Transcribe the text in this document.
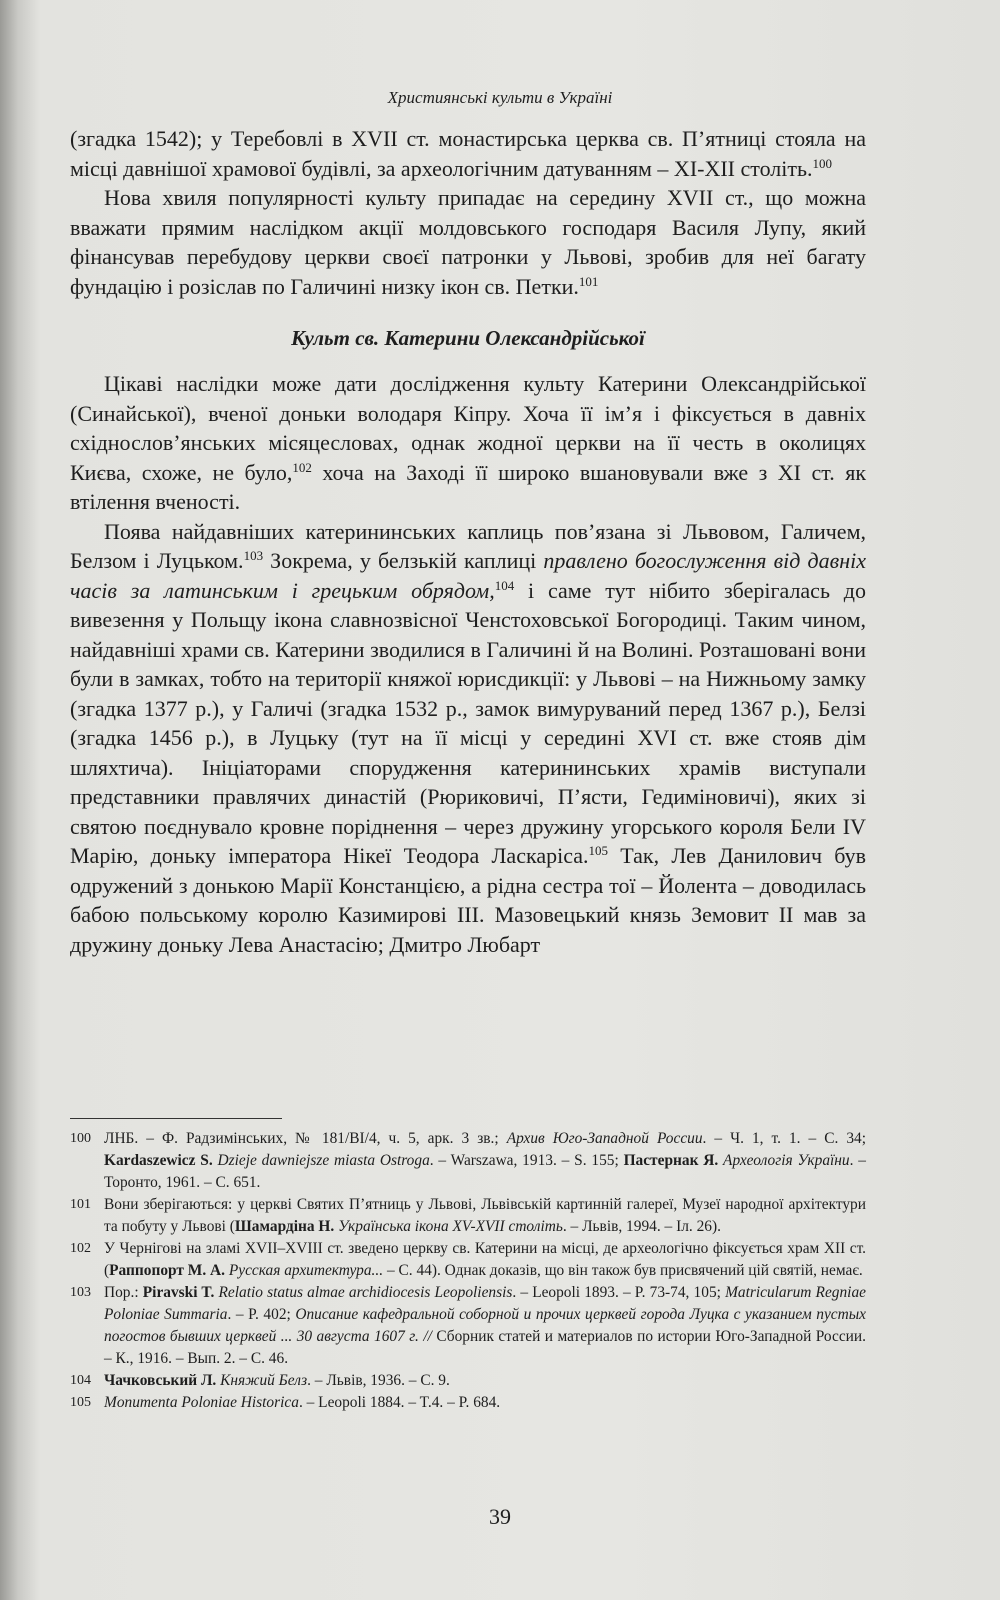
Християнські культи в Україні

(згадка 1542); у Теребовлі в XVII ст. монастирська церква св. П’ятниці стояла на місці давнішої храмової будівлі, за археологічним датуванням – XI-XII століть.$^{100}$

Нова хвиля популярності культу припадає на середину XVII ст., що можна вважати прямим наслідком акції молдовського господаря Василя Лупу, який фінансував перебудову церкви своєї патронки у Львові, зробив для неї багату фундацію і розіслав по Галичині низку ікон св. Петки.$^{101}$

Культ св. Катерини Олександрійської

Цікаві наслідки може дати дослідження культу Катерини Олександрійської (Синайської), вченої доньки володаря Кіпру. Хоча її ім’я і фіксується в давніх східнослов’янських місяцесловах, однак жодної церкви на її честь в околицях Києва, схоже, не було,$^{102}$ хоча на Заході її широко вшановували вже з XI ст. як втілення вченості.

Поява найдавніших катерининських каплиць пов’язана зі Львовом, Галичем, Белзом і Луцьком.$^{103}$ Зокрема, у белзькій каплиці правлено богослуження від давніх часів за латинським і грецьким обрядом,$^{104}$ і саме тут нібито зберігалась до вивезення у Польщу ікона славнозвісної Ченстоховської Богородиці. Таким чином, найдавніші храми св. Катерини зводилися в Галичині й на Волині. Розташовані вони були в замках, тобто на території княжої юрисдикції: у Львові – на Нижньому замку (згадка 1377 р.), у Галичі (згадка 1532 р., замок вимуруваний перед 1367 р.), Белзі (згадка 1456 р.), в Луцьку (тут на її місці у середині XVI ст. вже стояв дім шляхтича). Ініціаторами спорудження катерининських храмів виступали представники правлячих династій (Рюриковичі, П’ясти, Гедиміновичі), яких зі святою поєднувало кровне поріднення – через дружину угорського короля Бели IV Марію, доньку імператора Нікеї Теодора Ласкаріса.$^{105}$ Так, Лев Данилович був одружений з донькою Марії Констанцією, а рідна сестра тої – Йолента – доводилась бабою польському королю Казимирові III. Мазовецький князь Земовит II мав за дружину доньку Лева Анастасію; Дмитро Любарт

100 ЛНБ. – Ф. Радзимінських, № 181/BI/4, ч. 5, арк. 3 зв.; Архив Юго-Западной России. – Ч. 1, т. 1. – С. 34; Kardaszewicz S. Dzieje dawniejsze miasta Ostroga. – Warszawa, 1913. – S. 155; Пастернак Я. Археологія України. – Торонто, 1961. – С. 651.
101 Вони зберігаються: у церкві Святих П’ятниць у Львові, Львівській картинній галереї, Музеї народної архітектури та побуту у Львові (Шамардіна Н. Українська ікона XV-XVII століть. – Львів, 1994. – Іл. 26).
102 У Чернігові на зламі XVII–XVIII ст. зведено церкву св. Катерини на місці, де археологічно фіксується храм XII ст. (Раппопорт М. А. Русская архитектура... – С. 44). Однак доказів, що він також був присвячений цій святій, немає.
103 Пор.: Piravski T. Relatio status almae archidiocesis Leopoliensis. – Leopoli 1893. – P. 73-74, 105; Matricularum Regniae Poloniae Summaria. – P. 402; Описание кафедральной соборной и прочих церквей города Луцка с указанием пустых погостов бывших церквей ... 30 августа 1607 г. // Сборник статей и материалов по истории Юго-Западной России. – К., 1916. – Вып. 2. – С. 46.
104 Чачковський Л. Княжий Белз. – Львів, 1936. – С. 9.
105 Monumenta Poloniae Historica. – Leopoli 1884. – T.4. – P. 684.
39
